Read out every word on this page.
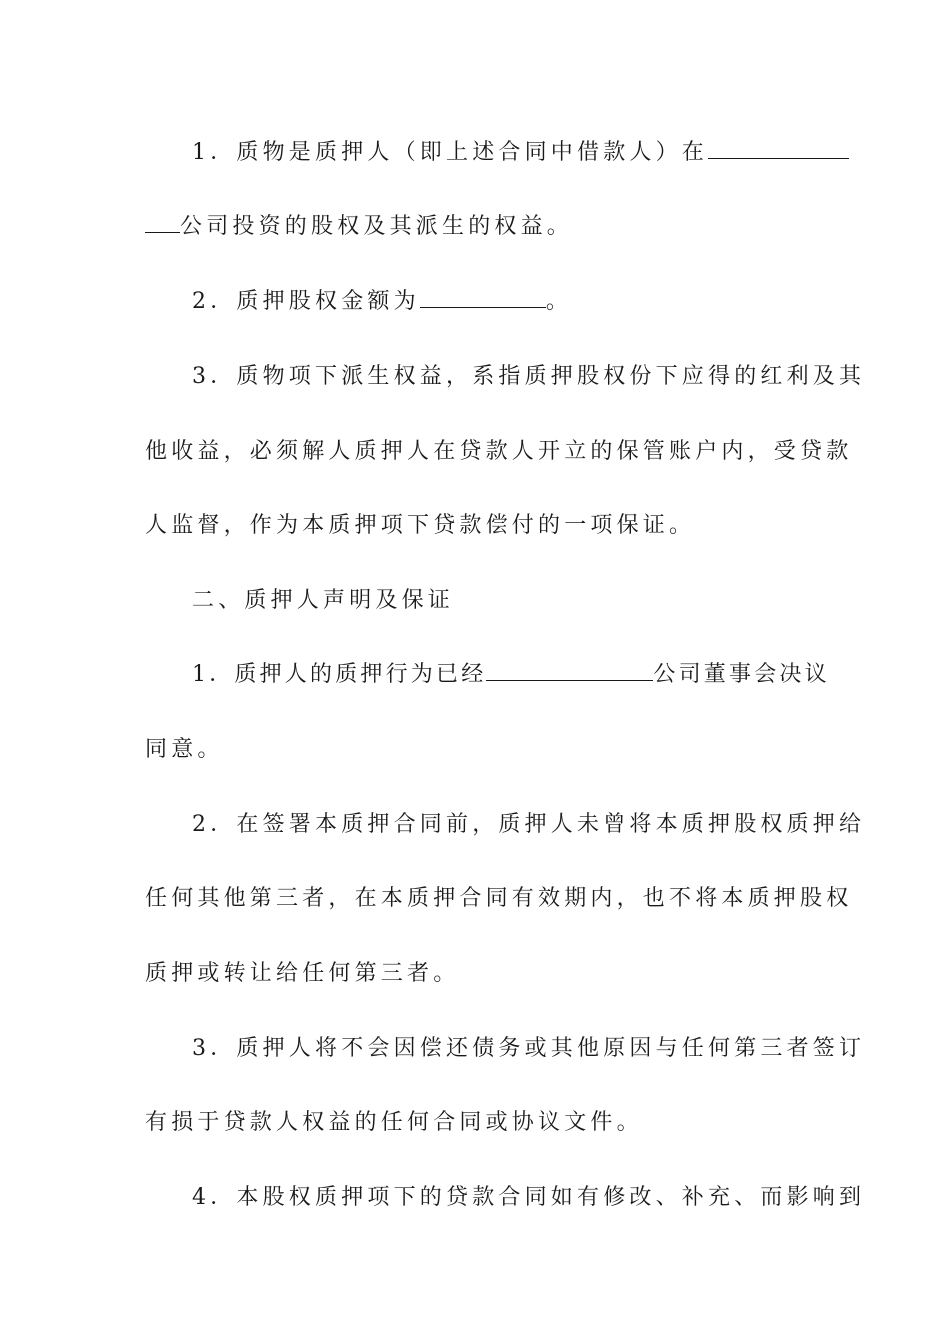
1．质物是质押人（即上述合同中借款人）在
公司投资的股权及其派生的权益。
2．质押股权金额为	。
3．质物项下派生权益，系指质押股权份下应得的红利及其
他收益，必须解人质押人在贷款人开立的保管账户内，受贷款
人监督，作为本质押项下贷款偿付的一项保证。
二、质押人声明及保证
1．质押人的质押行为已经	公司董事会决议
同意。
2．在签署本质押合同前，质押人未曾将本质押股权质押给
任何其他第三者，在本质押合同有效期内，也不将本质押股权
质押或转让给任何第三者。
3．质押人将不会因偿还债务或其他原因与任何第三者签订
有损于贷款人权益的任何合同或协议文件。
4．本股权质押项下的贷款合同如有修改、补充、而影响到
